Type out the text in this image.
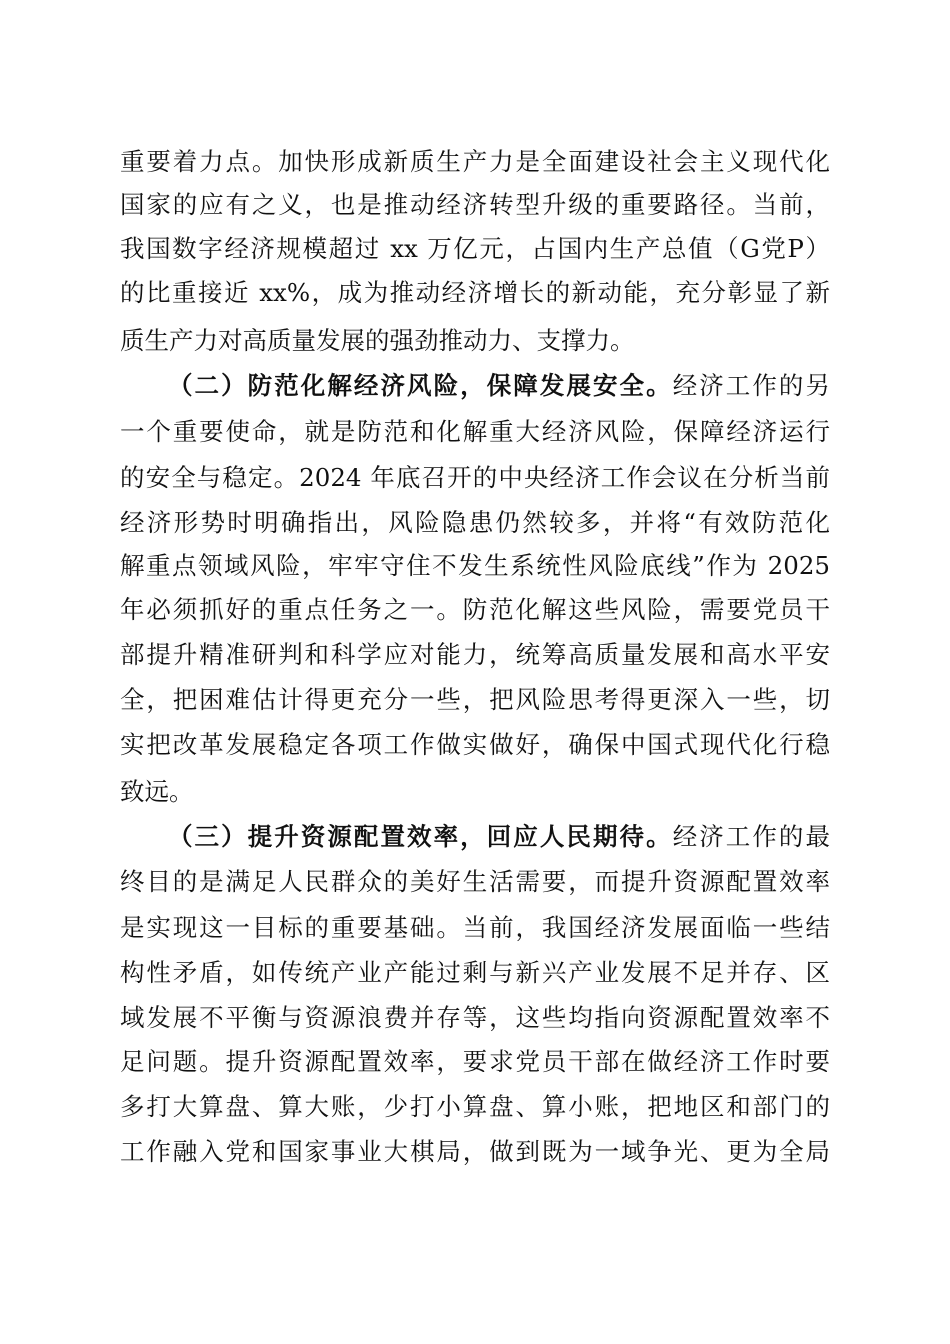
重要着力点。加快形成新质生产力是全面建设社会主义现代化
国家的应有之义，也是推动经济转型升级的重要路径。当前，
我国数字经济规模超过 xx 万亿元，占国内生产总值（G党P）
的比重接近 xx%，成为推动经济增长的新动能，充分彰显了新
质生产力对高质量发展的强劲推动力、支撑力。
（二）防范化解经济风险，保障发展安全。经济工作的另
一个重要使命，就是防范和化解重大经济风险，保障经济运行
的安全与稳定。2024 年底召开的中央经济工作会议在分析当前
经济形势时明确指出，风险隐患仍然较多，并将“有效防范化
解重点领域风险，牢牢守住不发生系统性风险底线”作为 2025
年必须抓好的重点任务之一。防范化解这些风险，需要党员干
部提升精准研判和科学应对能力，统筹高质量发展和高水平安
全，把困难估计得更充分一些，把风险思考得更深入一些，切
实把改革发展稳定各项工作做实做好，确保中国式现代化行稳
致远。
（三）提升资源配置效率，回应人民期待。经济工作的最
终目的是满足人民群众的美好生活需要，而提升资源配置效率
是实现这一目标的重要基础。当前，我国经济发展面临一些结
构性矛盾，如传统产业产能过剩与新兴产业发展不足并存、区
域发展不平衡与资源浪费并存等，这些均指向资源配置效率不
足问题。提升资源配置效率，要求党员干部在做经济工作时要
多打大算盘、算大账，少打小算盘、算小账，把地区和部门的
工作融入党和国家事业大棋局，做到既为一域争光、更为全局
